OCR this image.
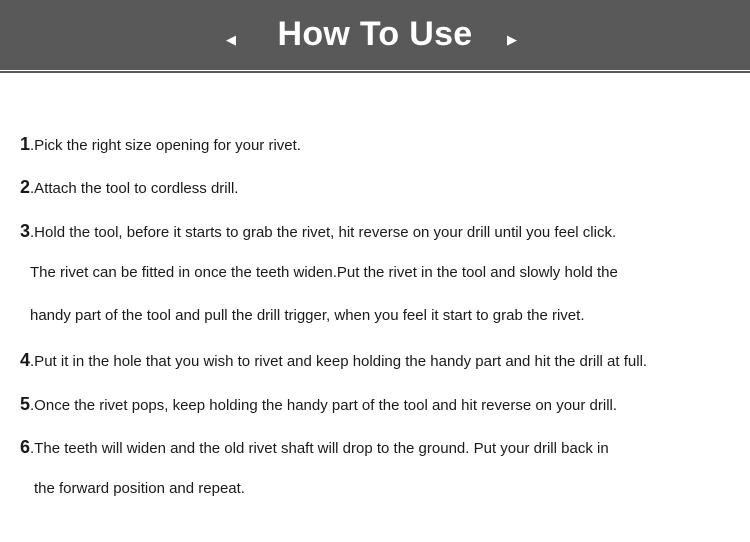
◀	How To Use	▶
1.Pick the right size opening for your rivet.
2.Attach the tool to cordless drill.
3.Hold the tool, before it starts to grab the rivet, hit reverse on your drill until you feel click.
The rivet can be fitted in once the teeth widen.Put the rivet in the tool and slowly hold the
handy part of the tool and pull the drill trigger, when you feel it start to grab the rivet.
4.Put it in the hole that you wish to rivet and keep holding the handy part and hit the drill at full.
5.Once the rivet pops, keep holding the handy part of the tool and hit reverse on your drill.
6.The teeth will widen and the old rivet shaft will drop to the ground. Put your drill back in
the forward position and repeat.
